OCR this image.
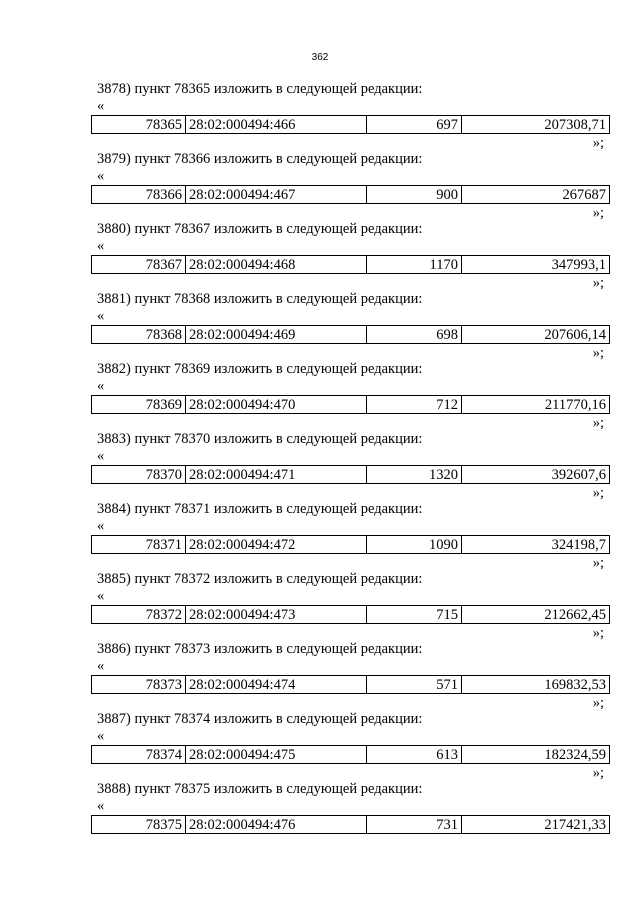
362
3878) пункт 78365 изложить в следующей редакции:
«
78365	28:02:000494:466	697	207308,71
»;
3879) пункт 78366 изложить в следующей редакции:
«
78366	28:02:000494:467	900	267687
»;
3880) пункт 78367 изложить в следующей редакции:
«
78367	28:02:000494:468	1170	347993,1
»;
3881) пункт 78368 изложить в следующей редакции:
«
78368	28:02:000494:469	698	207606,14
»;
3882) пункт 78369 изложить в следующей редакции:
«
78369	28:02:000494:470	712	211770,16
»;
3883) пункт 78370 изложить в следующей редакции:
«
78370	28:02:000494:471	1320	392607,6
»;
3884) пункт 78371 изложить в следующей редакции:
«
78371	28:02:000494:472	1090	324198,7
»;
3885) пункт 78372 изложить в следующей редакции:
«
78372	28:02:000494:473	715	212662,45
»;
3886) пункт 78373 изложить в следующей редакции:
«
78373	28:02:000494:474	571	169832,53
»;
3887) пункт 78374 изложить в следующей редакции:
«
78374	28:02:000494:475	613	182324,59
»;
3888) пункт 78375 изложить в следующей редакции:
«
78375	28:02:000494:476	731	217421,33
